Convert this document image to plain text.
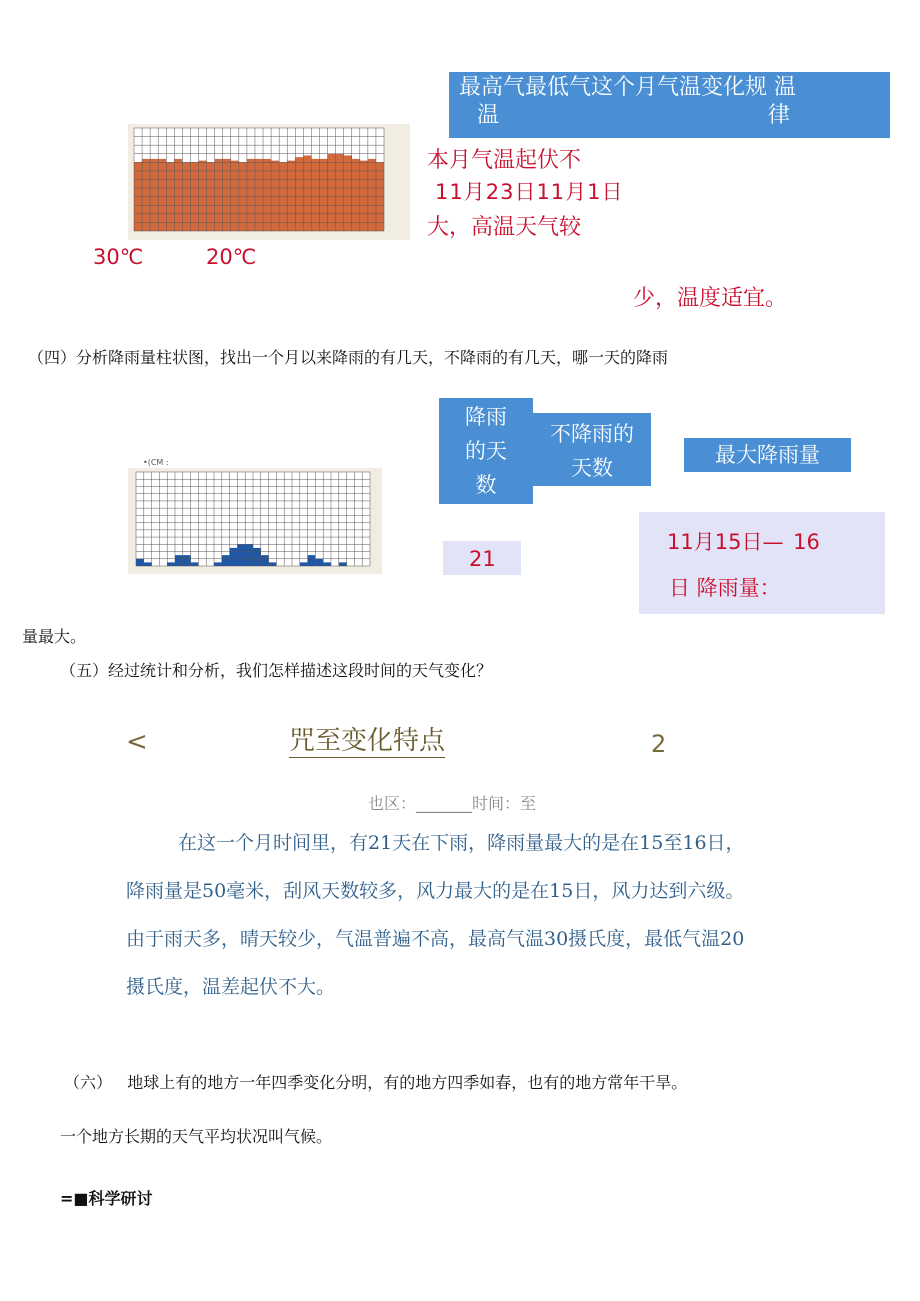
最高气最低气这个月气温变化规 温
温	律
本月气温起伏不
11月23日11月1日
大，高温天气较
少，温度适宜。
30℃	20℃
（四）分析降雨量柱状图，找出一个月以来降雨的有几天，不降雨的有几天，哪一天的降雨
降雨的天数
不降雨的天数
最大降雨量
21
11月15日— 16
日 降雨量：
•(CM :
量最大。
（五）经过统计和分析，我们怎样描述这段时间的天气变化？
<	咒至变化特点	2
也区：_______时间：至
在这一个月时间里，有21天在下雨，降雨量最大的是在15至16日，
降雨量是50毫米，刮风天数较多，风力最大的是在15日，风力达到六级。
由于雨天多，晴天较少，气温普遍不高，最高气温30摄氏度，最低气温20
摄氏度，温差起伏不大。
（六）   地球上有的地方一年四季变化分明，有的地方四季如春，也有的地方常年干旱。
一个地方长期的天气平均状况叫气候。
=■科学研讨
